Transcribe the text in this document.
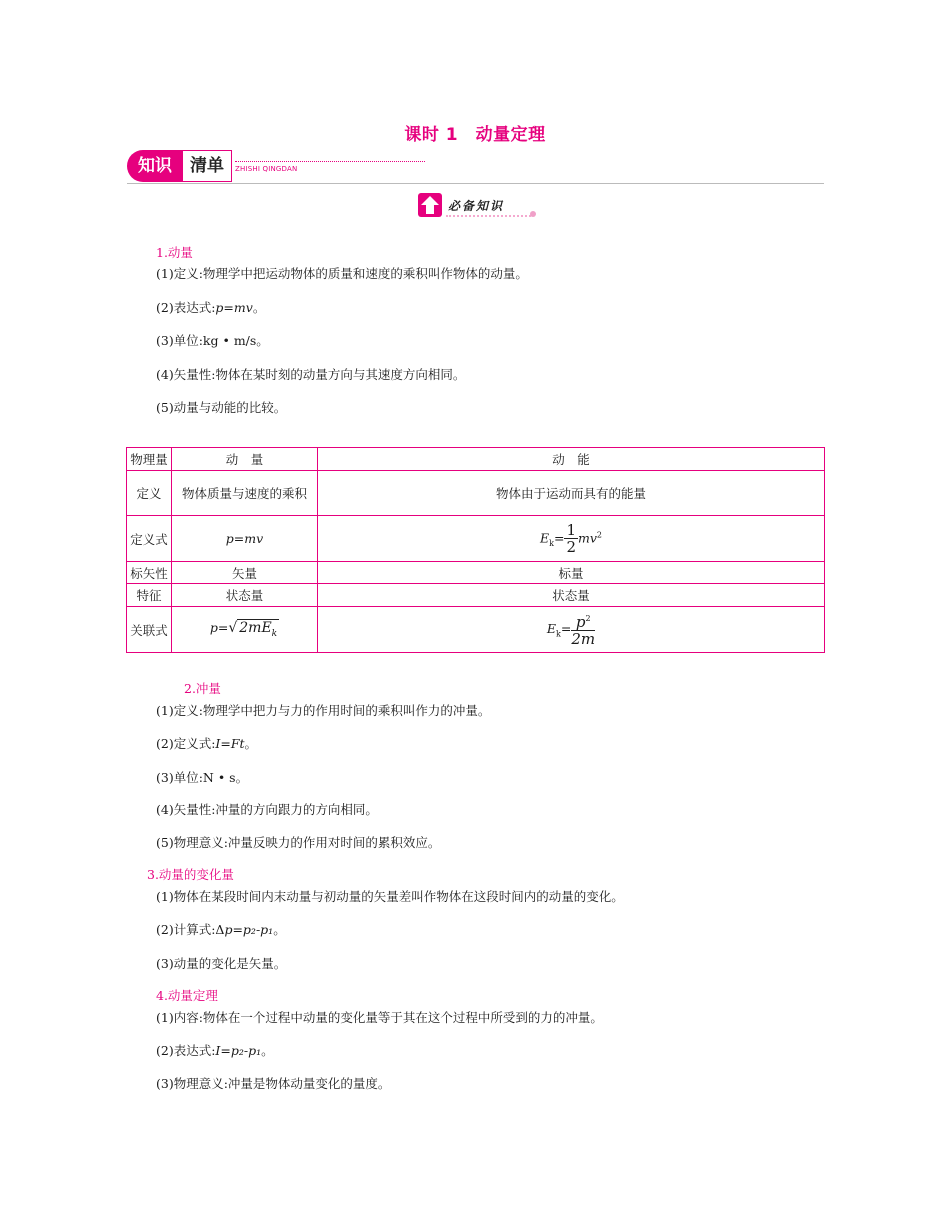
课时 1　动量定理
知识	清单	ZHISHI QINGDAN
必备知识
1.动量
(1)定义:物理学中把运动物体的质量和速度的乘积叫作物体的动量。
(2)表达式:p=mv。
(3)单位:kg • m/s。
(4)矢量性:物体在某时刻的动量方向与其速度方向相同。
(5)动量与动能的比较。
物理量	动　量	动　能
定义	物体质量与速度的乘积	物体由于运动而具有的能量
定义式	p=mv	$E_k= \frac{1}{2} mv^2$
标矢性	矢量	标量
特征	状态量	状态量
关联式	p=√ $2mE_k$	$E_k= \frac{p^2}{2m}$
2.冲量
(1)定义:物理学中把力与力的作用时间的乘积叫作力的冲量。
(2)定义式:I=Ft。
(3)单位:N • s。
(4)矢量性:冲量的方向跟力的方向相同。
(5)物理意义:冲量反映力的作用对时间的累积效应。
3.动量的变化量
(1)物体在某段时间内末动量与初动量的矢量差叫作物体在这段时间内的动量的变化。
(2)计算式:Δp=p₂-p₁。
(3)动量的变化是矢量。
4.动量定理
(1)内容:物体在一个过程中动量的变化量等于其在这个过程中所受到的力的冲量。
(2)表达式:I=p₂-p₁。
(3)物理意义:冲量是物体动量变化的量度。
